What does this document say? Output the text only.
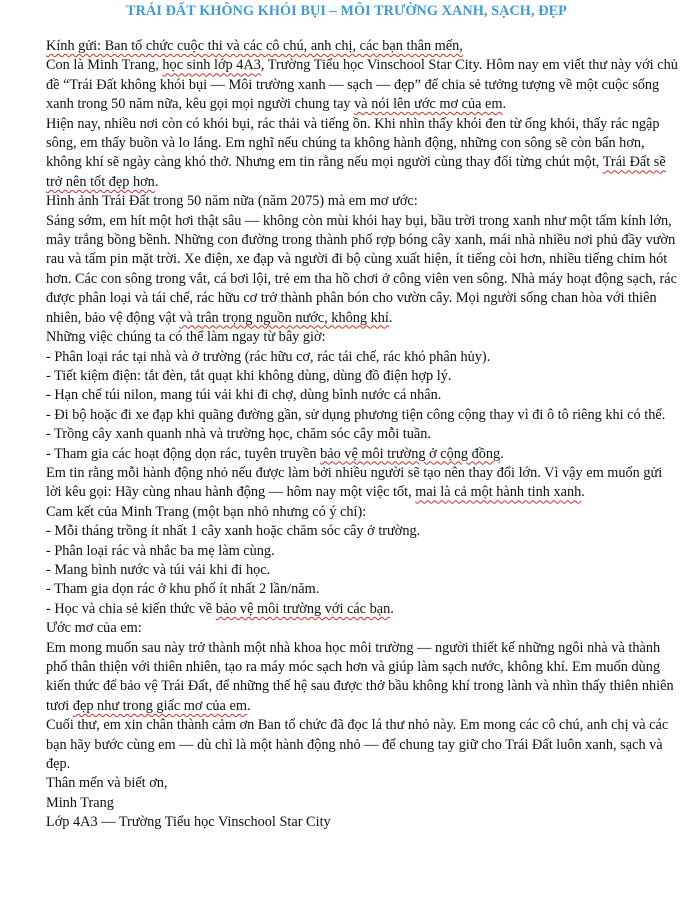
TRÁI ĐẤT KHÔNG KHÓI BỤI – MÔI TRƯỜNG XANH, SẠCH, ĐẸP

Kính gửi: Ban tổ chức cuộc thi và các cô chú, anh chị, các bạn thân mến,

Con là Minh Trang, học sinh lớp 4A3, Trường Tiểu học Vinschool Star City. Hôm nay em viết thư này với chủ đề “Trái Đất không khói bụi — Môi trường xanh — sạch — đẹp” để chia sẻ tưởng tượng về một cuộc sống xanh trong 50 năm nữa, kêu gọi mọi người chung tay và nói lên ước mơ của em.

Hiện nay, nhiều nơi còn có khói bụi, rác thải và tiếng ồn. Khi nhìn thấy khói đen từ ống khói, thấy rác ngập sông, em thấy buồn và lo lắng. Em nghĩ nếu chúng ta không hành động, những con sông sẽ còn bẩn hơn, không khí sẽ ngày càng khó thở. Nhưng em tin rằng nếu mọi người cùng thay đổi từng chút một, Trái Đất sẽ trở nên tốt đẹp hơn.

Hình ảnh Trái Đất trong 50 năm nữa (năm 2075) mà em mơ ước:

Sáng sớm, em hít một hơi thật sâu — không còn mùi khói hay bụi, bầu trời trong xanh như một tấm kính lớn, mây trắng bồng bềnh. Những con đường trong thành phố rợp bóng cây xanh, mái nhà nhiều nơi phủ đầy vườn rau và tấm pin mặt trời. Xe điện, xe đạp và người đi bộ cùng xuất hiện, ít tiếng còi hơn, nhiều tiếng chim hót hơn. Các con sông trong vắt, cá bơi lội, trẻ em tha hồ chơi ở công viên ven sông. Nhà máy hoạt động sạch, rác được phân loại và tái chế, rác hữu cơ trở thành phân bón cho vườn cây. Mọi người sống chan hòa với thiên nhiên, bảo vệ động vật và trân trọng nguồn nước, không khí.

Những việc chúng ta có thể làm ngay từ bây giờ:

- Phân loại rác tại nhà và ở trường (rác hữu cơ, rác tái chế, rác khó phân hủy).

- Tiết kiệm điện: tắt đèn, tắt quạt khi không dùng, dùng đồ điện hợp lý.

- Hạn chế túi nilon, mang túi vải khi đi chợ, dùng bình nước cá nhân.

- Đi bộ hoặc đi xe đạp khi quãng đường gần, sử dụng phương tiện công cộng thay vì đi ô tô riêng khi có thể.

- Trồng cây xanh quanh nhà và trường học, chăm sóc cây mỗi tuần.

- Tham gia các hoạt động dọn rác, tuyên truyền bảo vệ môi trường ở cộng đồng.

Em tin rằng mỗi hành động nhỏ nếu được làm bởi nhiều người sẽ tạo nên thay đổi lớn. Vì vậy em muốn gửi lời kêu gọi: Hãy cùng nhau hành động — hôm nay một việc tốt, mai là cả một hành tinh xanh.

Cam kết của Minh Trang (một bạn nhỏ nhưng có ý chí):

- Mỗi tháng trồng ít nhất 1 cây xanh hoặc chăm sóc cây ở trường.

- Phân loại rác và nhắc ba mẹ làm cùng.

- Mang bình nước và túi vải khi đi học.

- Tham gia dọn rác ở khu phố ít nhất 2 lần/năm.

- Học và chia sẻ kiến thức về bảo vệ môi trường với các bạn.

Ước mơ của em:

Em mong muốn sau này trở thành một nhà khoa học môi trường — người thiết kế những ngôi nhà và thành phố thân thiện với thiên nhiên, tạo ra máy móc sạch hơn và giúp làm sạch nước, không khí. Em muốn dùng kiến thức để bảo vệ Trái Đất, để những thế hệ sau được thở bầu không khí trong lành và nhìn thấy thiên nhiên tươi đẹp như trong giấc mơ của em.

Cuối thư, em xin chân thành cảm ơn Ban tổ chức đã đọc lá thư nhỏ này. Em mong các cô chú, anh chị và các bạn hãy bước cùng em — dù chỉ là một hành động nhỏ — để chung tay giữ cho Trái Đất luôn xanh, sạch và đẹp.

Thân mến và biết ơn,

Minh Trang

Lớp 4A3 — Trường Tiểu học Vinschool Star City
